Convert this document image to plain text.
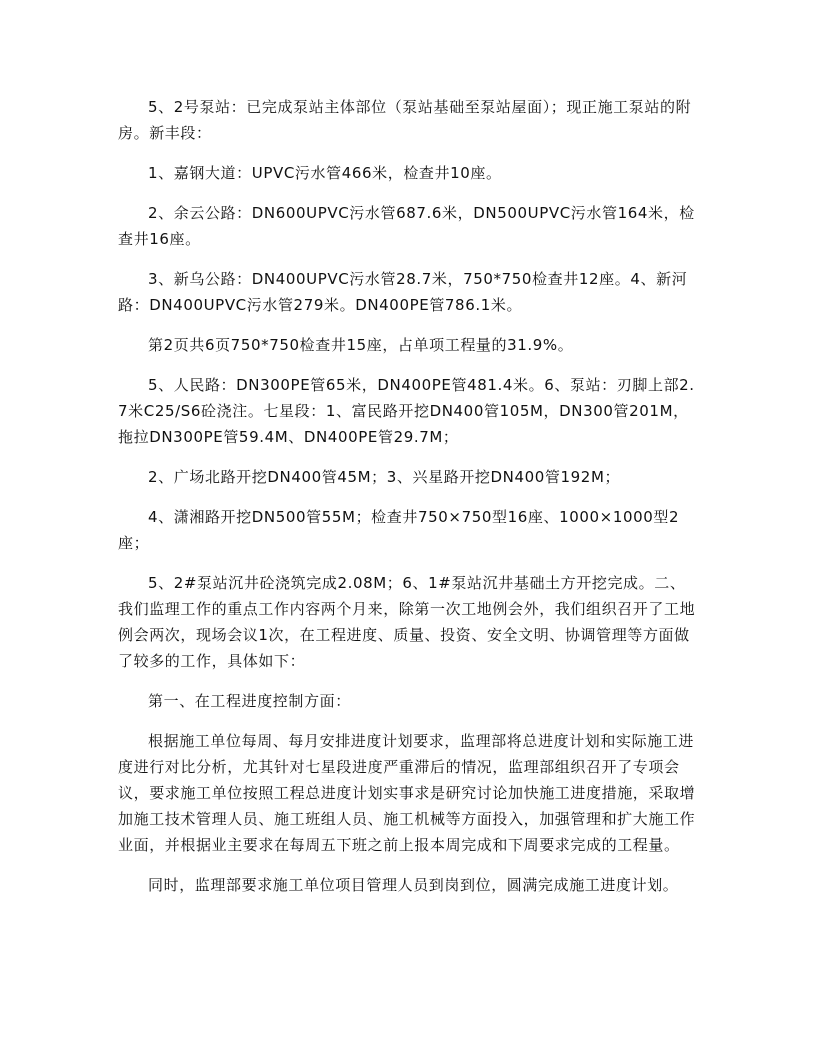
5、2号泵站：已完成泵站主体部位（泵站基础至泵站屋面）；现正施工泵站的附房。新丰段：

1、嘉钢大道：UPVC污水管466米，检查井10座。

2、余云公路：DN600UPVC污水管687.6米，DN500UPVC污水管164米，检查井16座。

3、新乌公路：DN400UPVC污水管28.7米，750*750检查井12座。4、新河路：DN400UPVC污水管279米。DN400PE管786.1米。

第2页共6页750*750检查井15座，占单项工程量的31.9%。

5、人民路：DN300PE管65米，DN400PE管481.4米。6、泵站：刃脚上部2.7米C25/S6砼浇注。七星段：1、富民路开挖DN400管105M，DN300管201M，拖拉DN300PE管59.4M、DN400PE管29.7M；

2、广场北路开挖DN400管45M；3、兴星路开挖DN400管192M；

4、潇湘路开挖DN500管55M；检查井750×750型16座、1000×1000型2座；

5、2#泵站沉井砼浇筑完成2.08M；6、1#泵站沉井基础土方开挖完成。二、我们监理工作的重点工作内容两个月来，除第一次工地例会外，我们组织召开了工地例会两次，现场会议1次，在工程进度、质量、投资、安全文明、协调管理等方面做了较多的工作，具体如下：

第一、在工程进度控制方面：

根据施工单位每周、每月安排进度计划要求，监理部将总进度计划和实际施工进度进行对比分析，尤其针对七星段进度严重滞后的情况，监理部组织召开了专项会议，要求施工单位按照工程总进度计划实事求是研究讨论加快施工进度措施，采取增加施工技术管理人员、施工班组人员、施工机械等方面投入，加强管理和扩大施工作业面，并根据业主要求在每周五下班之前上报本周完成和下周要求完成的工程量。

同时，监理部要求施工单位项目管理人员到岗到位，圆满完成施工进度计划。
